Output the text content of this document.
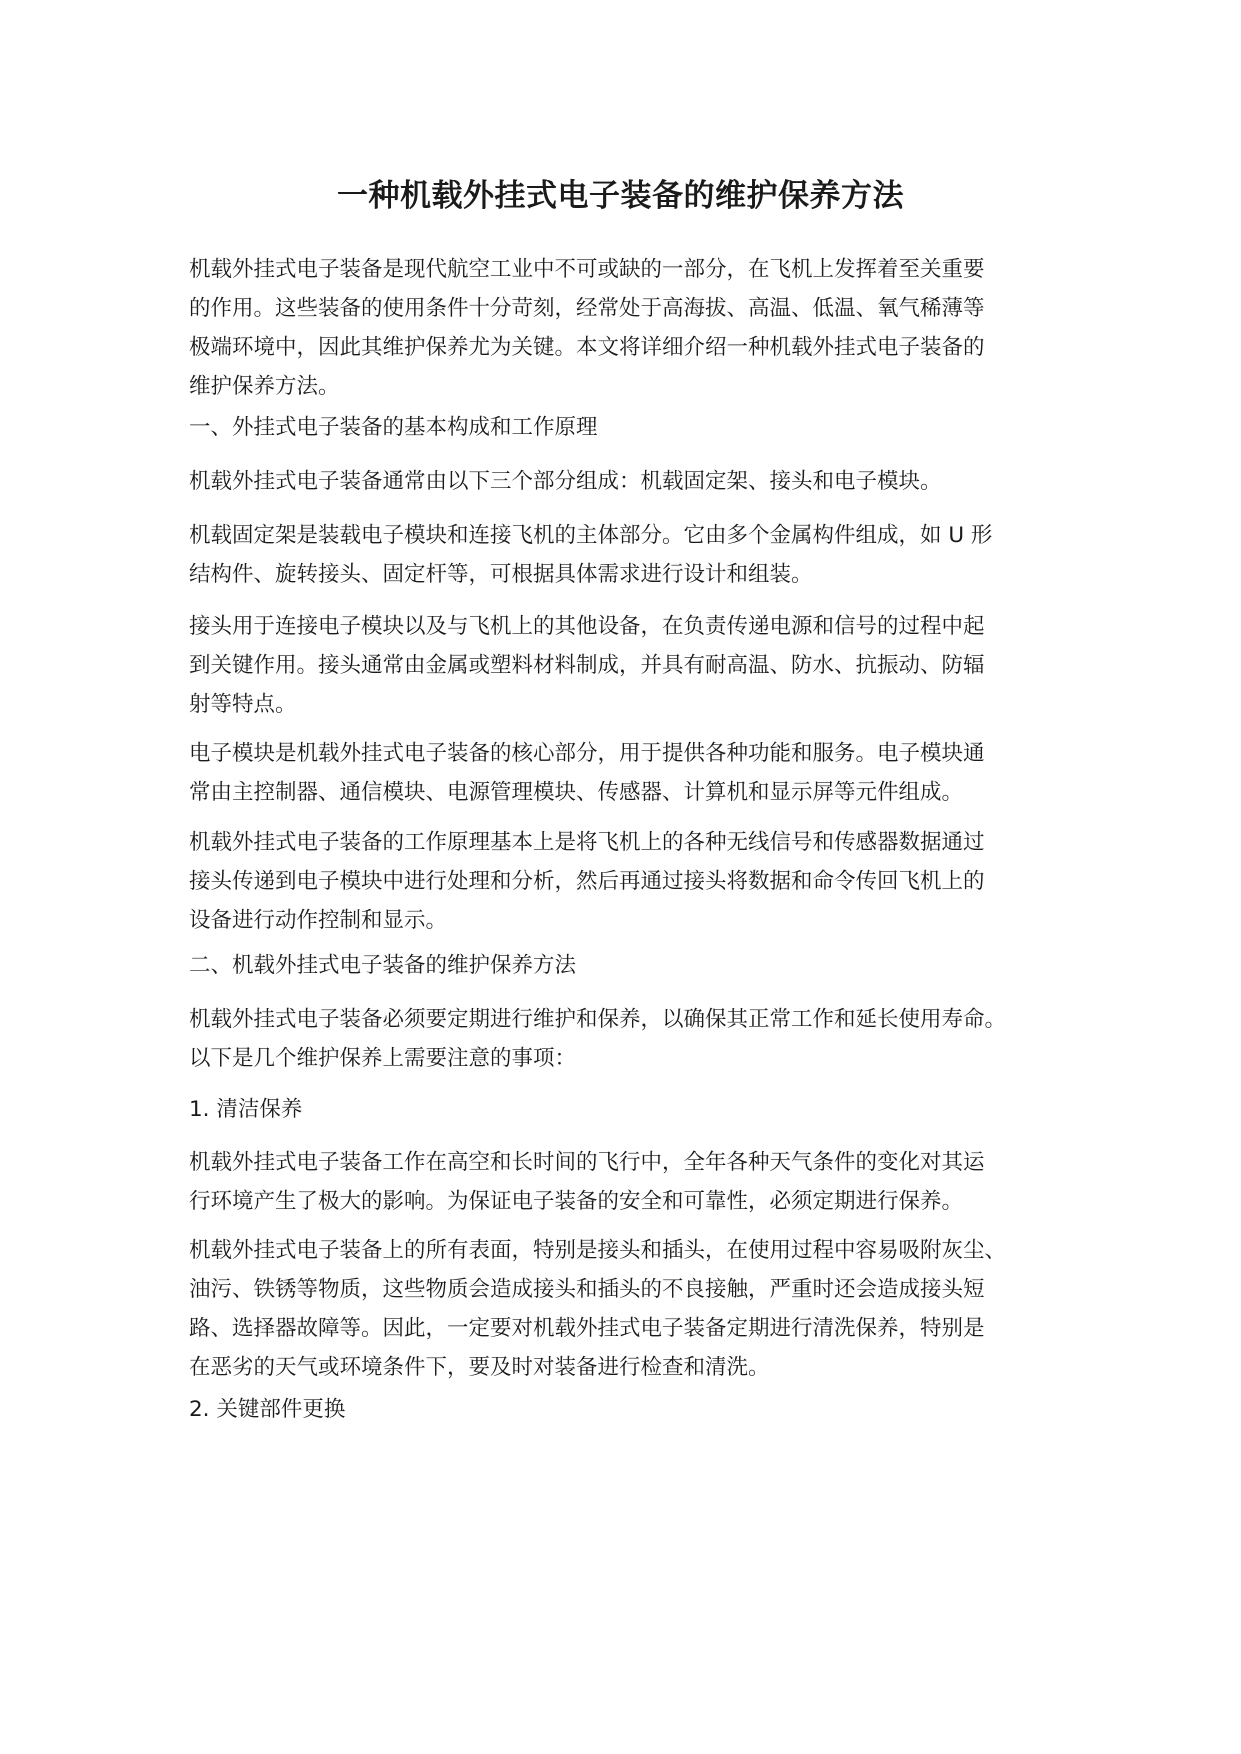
一种机载外挂式电子装备的维护保养方法

机载外挂式电子装备是现代航空工业中不可或缺的一部分，在飞机上发挥着至关重要
的作用。这些装备的使用条件十分苛刻，经常处于高海拔、高温、低温、氧气稀薄等
极端环境中，因此其维护保养尤为关键。本文将详细介绍一种机载外挂式电子装备的
维护保养方法。

一、外挂式电子装备的基本构成和工作原理

机载外挂式电子装备通常由以下三个部分组成：机载固定架、接头和电子模块。

机载固定架是装载电子模块和连接飞机的主体部分。它由多个金属构件组成，如 U 形
结构件、旋转接头、固定杆等，可根据具体需求进行设计和组装。

接头用于连接电子模块以及与飞机上的其他设备，在负责传递电源和信号的过程中起
到关键作用。接头通常由金属或塑料材料制成，并具有耐高温、防水、抗振动、防辐
射等特点。

电子模块是机载外挂式电子装备的核心部分，用于提供各种功能和服务。电子模块通
常由主控制器、通信模块、电源管理模块、传感器、计算机和显示屏等元件组成。

机载外挂式电子装备的工作原理基本上是将飞机上的各种无线信号和传感器数据通过
接头传递到电子模块中进行处理和分析，然后再通过接头将数据和命令传回飞机上的
设备进行动作控制和显示。

二、机载外挂式电子装备的维护保养方法

机载外挂式电子装备必须要定期进行维护和保养，以确保其正常工作和延长使用寿命。
以下是几个维护保养上需要注意的事项：

1. 清洁保养

机载外挂式电子装备工作在高空和长时间的飞行中，全年各种天气条件的变化对其运
行环境产生了极大的影响。为保证电子装备的安全和可靠性，必须定期进行保养。

机载外挂式电子装备上的所有表面，特别是接头和插头，在使用过程中容易吸附灰尘、
油污、铁锈等物质，这些物质会造成接头和插头的不良接触，严重时还会造成接头短
路、选择器故障等。因此，一定要对机载外挂式电子装备定期进行清洗保养，特别是
在恶劣的天气或环境条件下，要及时对装备进行检查和清洗。

2. 关键部件更换
